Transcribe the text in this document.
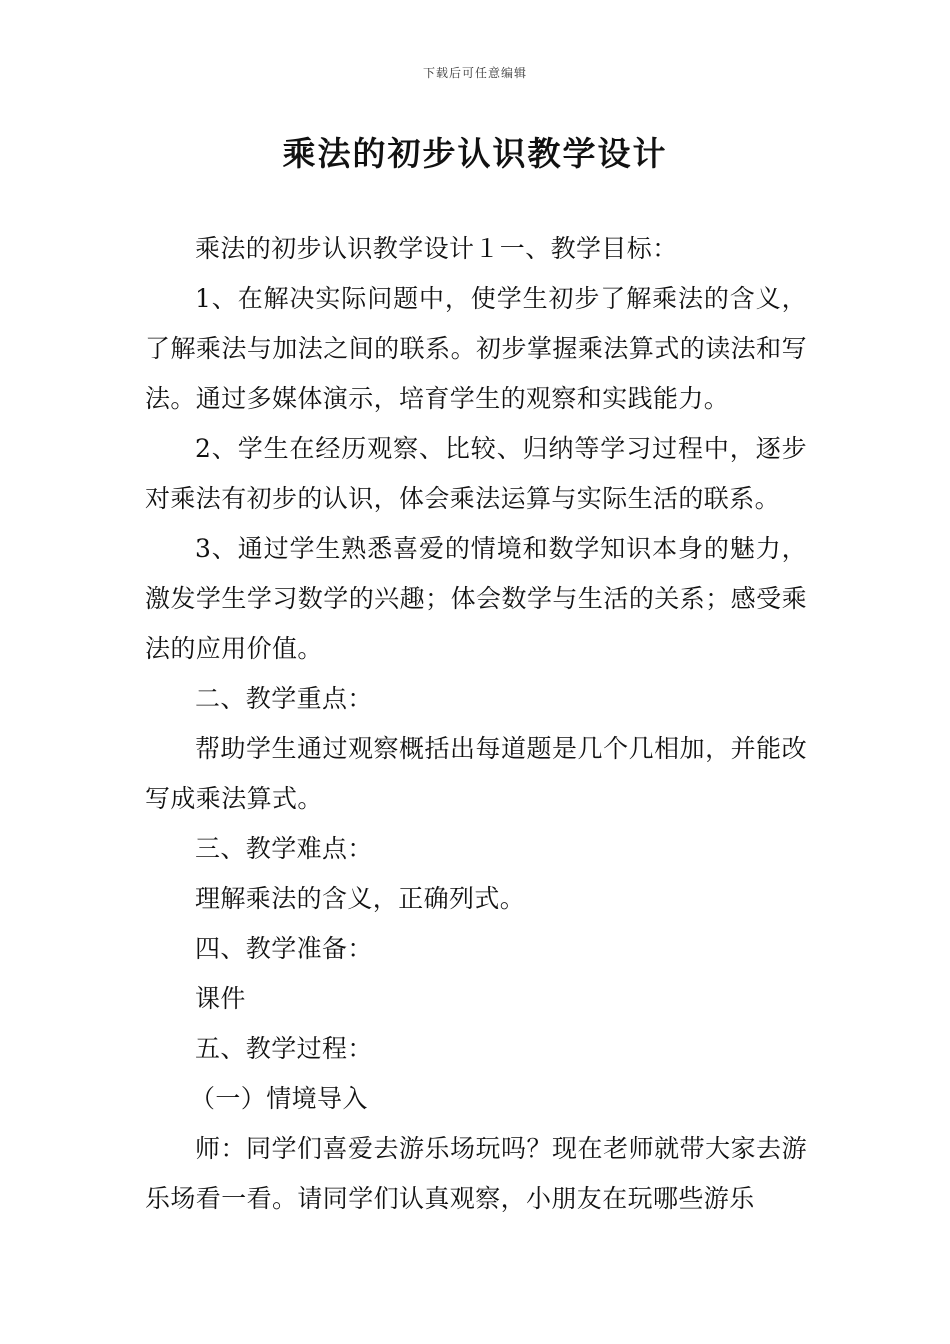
下载后可任意编辑
乘法的初步认识教学设计

乘法的初步认识教学设计１一、教学目标：

1、在解决实际问题中，使学生初步了解乘法的含义，了解乘法与加法之间的联系。初步掌握乘法算式的读法和写法。通过多媒体演示，培育学生的观察和实践能力。

2、学生在经历观察、比较、归纳等学习过程中，逐步对乘法有初步的认识，体会乘法运算与实际生活的联系。

3、通过学生熟悉喜爱的情境和数学知识本身的魅力，激发学生学习数学的兴趣；体会数学与生活的关系；感受乘法的应用价值。

二、教学重点：

帮助学生通过观察概括出每道题是几个几相加，并能改写成乘法算式。

三、教学难点：

理解乘法的含义，正确列式。

四、教学准备：

课件

五、教学过程：

（一）情境导入

师：同学们喜爱去游乐场玩吗？现在老师就带大家去游乐场看一看。请同学们认真观察，小朋友在玩哪些游乐
